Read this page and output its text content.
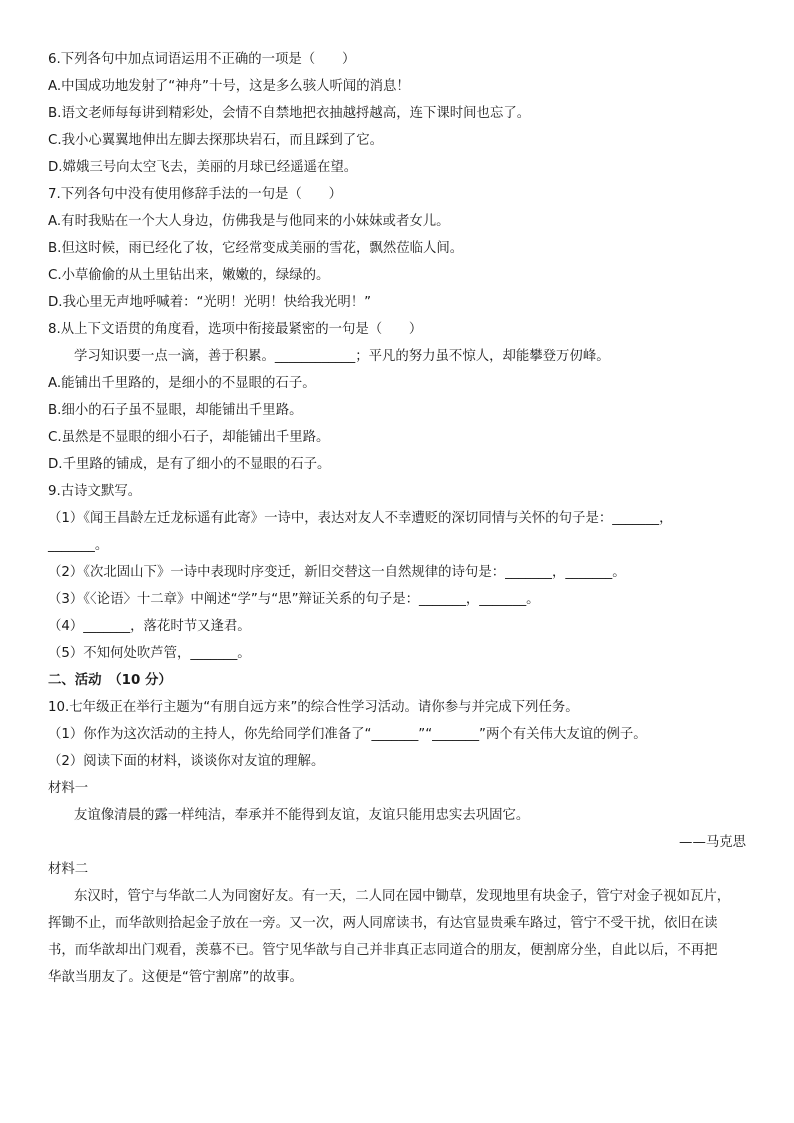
6.下列各句中加点词语运用不正确的一项是（　　）
A.中国成功地发射了“神舟”十号，这是多么骇人听闻的消息！
B.语文老师每每讲到精彩处，会情不自禁地把衣抽越捋越高，连下课时间也忘了。
C.我小心翼翼地伸出左脚去探那块岩石，而且踩到了它。
D.嫦娥三号向太空飞去，美丽的月球已经遥遥在望。
7.下列各句中没有使用修辞手法的一句是（　　）
A.有时我贴在一个大人身边，仿佛我是与他同来的小妹妹或者女儿。
B.但这时候，雨已经化了妆，它经常变成美丽的雪花，飘然莅临人间。
C.小草偷偷的从土里钻出来，嫩嫩的，绿绿的。
D.我心里无声地呼喊着：“光明！光明！快给我光明！”
8.从上下文语贯的角度看，选项中衔接最紧密的一句是（　　）
学习知识要一点一滴，善于积累。____________；平凡的努力虽不惊人，却能攀登万仞峰。
A.能铺出千里路的，是细小的不显眼的石子。
B.细小的石子虽不显眼，却能铺出千里路。
C.虽然是不显眼的细小石子，却能铺出千里路。
D.千里路的铺成，是有了细小的不显眼的石子。
9.古诗文默写。
（1）《闻王昌龄左迁龙标遥有此寄》一诗中，表达对友人不幸遭贬的深切同情与关怀的句子是：_______，
_______。
（2）《次北固山下》一诗中表现时序变迁，新旧交替这一自然规律的诗句是：_______，_______。
（3）《〈论语〉十二章》中阐述“学”与“思”辩证关系的句子是：_______，_______。
（4）_______，落花时节又逢君。
（5）不知何处吹芦管，_______。
二、活动　（10 分）
10.七年级正在举行主题为“有朋自远方来”的综合性学习活动。请你参与并完成下列任务。
（1）你作为这次活动的主持人，你先给同学们准备了“_______”“_______”两个有关伟大友谊的例子。
（2）阅读下面的材料，谈谈你对友谊的理解。
材料一
友谊像清晨的露一样纯洁，奉承并不能得到友谊，友谊只能用忠实去巩固它。
——马克思
材料二
东汉时，管宁与华歆二人为同窗好友。有一天，二人同在园中锄草，发现地里有块金子，管宁对金子视如瓦片，
挥锄不止，而华歆则拾起金子放在一旁。又一次，两人同席读书，有达官显贵乘车路过，管宁不受干扰，依旧在读
书，而华歆却出门观看，羡慕不已。管宁见华歆与自己并非真正志同道合的朋友，便割席分坐，自此以后，不再把
华歆当朋友了。这便是“管宁割席”的故事。
